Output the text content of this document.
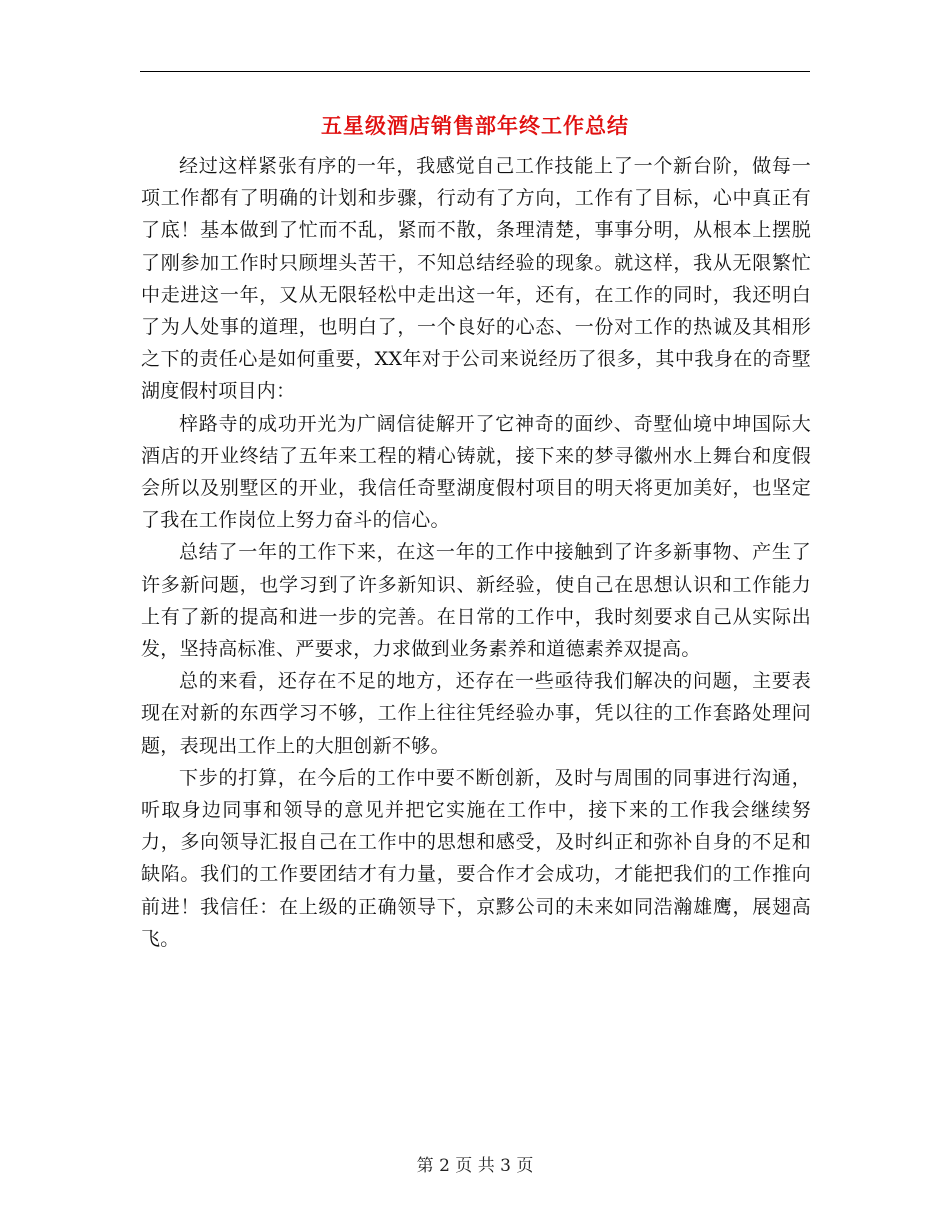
五星级酒店销售部年终工作总结

经过这样紧张有序的一年，我感觉自己工作技能上了一个新台阶，做每一项工作都有了明确的计划和步骤，行动有了方向，工作有了目标，心中真正有了底！基本做到了忙而不乱，紧而不散，条理清楚，事事分明，从根本上摆脱了刚参加工作时只顾埋头苦干，不知总结经验的现象。就这样，我从无限繁忙中走进这一年，又从无限轻松中走出这一年，还有，在工作的同时，我还明白了为人处事的道理，也明白了，一个良好的心态、一份对工作的热诚及其相形之下的责任心是如何重要，XX年对于公司来说经历了很多，其中我身在的奇墅湖度假村项目内：

梓路寺的成功开光为广阔信徒解开了它神奇的面纱、奇墅仙境中坤国际大酒店的开业终结了五年来工程的精心铸就，接下来的梦寻徽州水上舞台和度假会所以及别墅区的开业，我信任奇墅湖度假村项目的明天将更加美好，也坚定了我在工作岗位上努力奋斗的信心。

总结了一年的工作下来，在这一年的工作中接触到了许多新事物、产生了许多新问题，也学习到了许多新知识、新经验，使自己在思想认识和工作能力上有了新的提高和进一步的完善。在日常的工作中，我时刻要求自己从实际出发，坚持高标准、严要求，力求做到业务素养和道德素养双提高。

总的来看，还存在不足的地方，还存在一些亟待我们解决的问题，主要表现在对新的东西学习不够，工作上往往凭经验办事，凭以往的工作套路处理问题，表现出工作上的大胆创新不够。

下步的打算，在今后的工作中要不断创新，及时与周围的同事进行沟通，听取身边同事和领导的意见并把它实施在工作中，接下来的工作我会继续努力，多向领导汇报自己在工作中的思想和感受，及时纠正和弥补自身的不足和缺陷。我们的工作要团结才有力量，要合作才会成功，才能把我们的工作推向前进！我信任：在上级的正确领导下，京黟公司的未来如同浩瀚雄鹰，展翅高飞。

第 2 页 共 3 页
